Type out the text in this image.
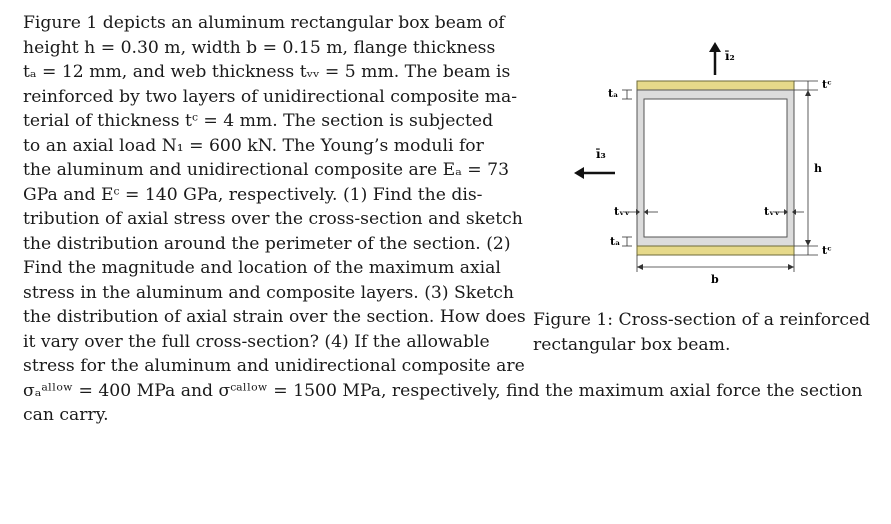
Figure 1 depicts an aluminum rectangular box beam of
height h = 0.30 m, width b = 0.15 m, flange thickness
tₐ = 12 mm, and web thickness tᵥᵥ = 5 mm. The beam is
reinforced by two layers of unidirectional composite ma-
terial of thickness tᶜ = 4 mm. The section is subjected
to an axial load N₁ = 600 kN. The Young’s moduli for
the aluminum and unidirectional composite are Eₐ = 73
GPa and Eᶜ = 140 GPa, respectively. (1) Find the dis-
tribution of axial stress over the cross-section and sketch
the distribution around the perimeter of the section. (2)
Find the magnitude and location of the maximum axial
stress in the aluminum and composite layers. (3) Sketch
the distribution of axial strain over the section. How does
it vary over the full cross-section? (4) If the allowable
stress for the aluminum and unidirectional composite are
σₐᵃˡˡᵒʷ = 400 MPa and σᶜᵃˡˡᵒʷ = 1500 MPa, respectively, find the maximum axial force the section
can carry.
ī₂
ī₃
tₐ
tₐ
tᵥᵥ	tᵥᵥ
tᶜ
h
tᶜ
b
Figure 1: Cross-section of a reinforced
rectangular box beam.
